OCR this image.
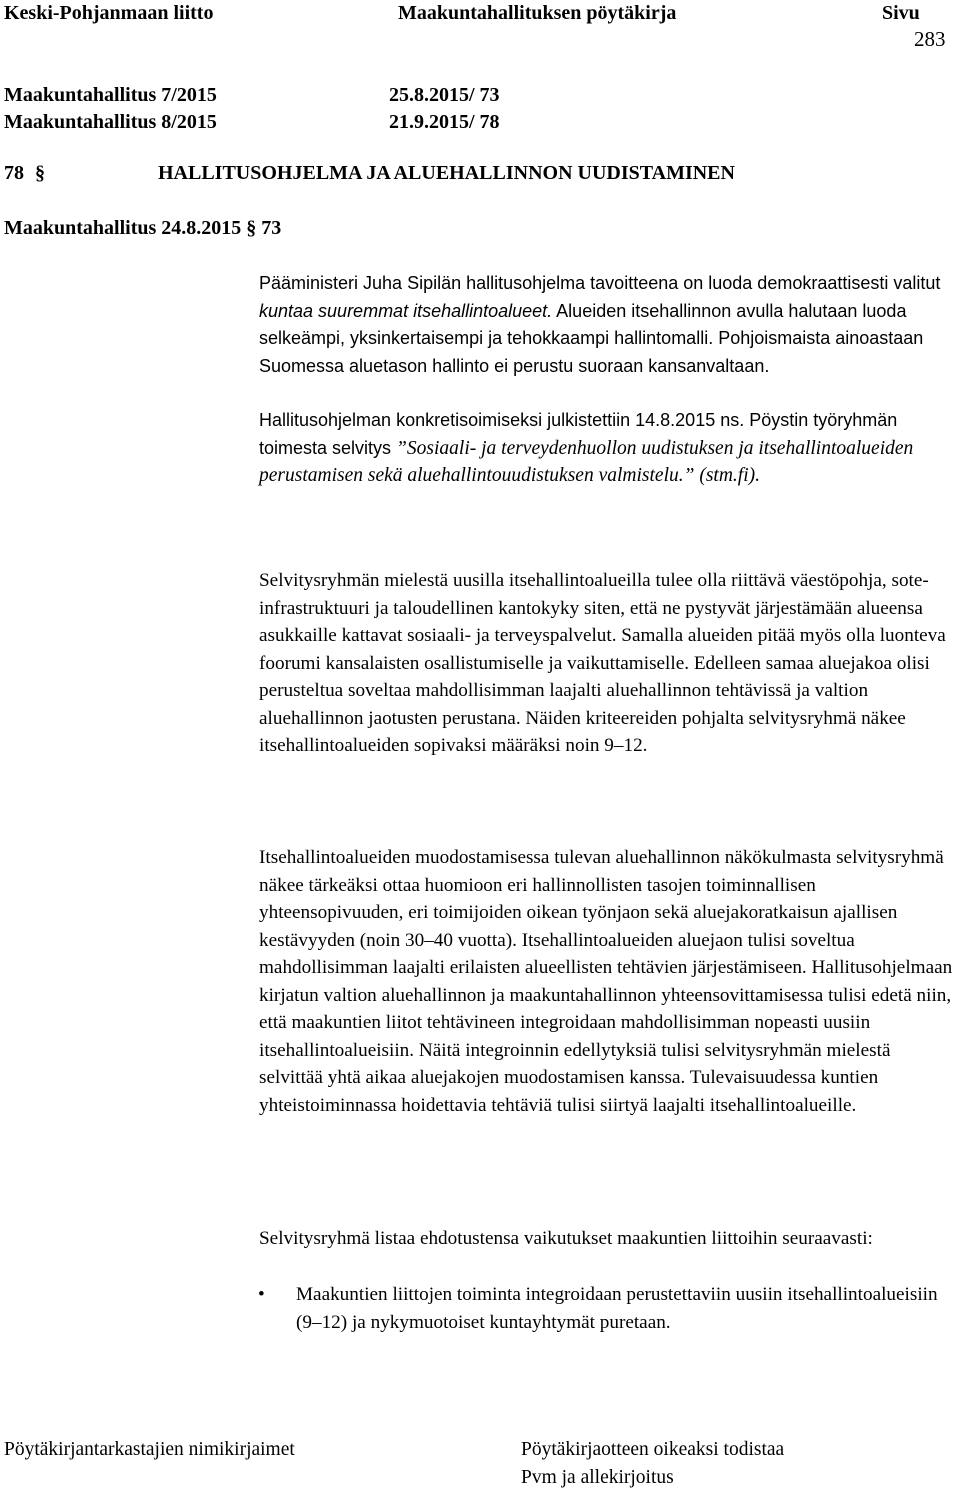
Keski-Pohjanmaan liitto	Maakuntahallituksen pöytäkirja	Sivu
283
Maakuntahallitus 7/2015	25.8.2015/ 73
Maakuntahallitus 8/2015	21.9.2015/ 78
78 §	HALLITUSOHJELMA JA ALUEHALLINNON UUDISTAMINEN
Maakuntahallitus 24.8.2015 § 73

Pääministeri Juha Sipilän hallitusohjelma tavoitteena on luoda demokraattisesti valitut kuntaa suuremmat itsehallintoalueet. Alueiden itsehallinnon avulla halutaan luoda selkeämpi, yksinkertaisempi ja tehokkaampi hallintomalli. Pohjoismaista ainoastaan Suomessa aluetason hallinto ei perustu suoraan kansanvaltaan.

Hallitusohjelman konkretisoimiseksi julkistettiin 14.8.2015 ns. Pöystin työryhmän toimesta selvitys ”Sosiaali- ja terveydenhuollon uudistuksen ja itsehallintoalueiden perustamisen sekä aluehallintouudistuksen valmistelu.” (stm.fi).

Selvitysryhmän mielestä uusilla itsehallintoalueilla tulee olla riittävä väestöpohja, sote-infrastruktuuri ja taloudellinen kantokyky siten, että ne pystyvät järjestämään alueensa asukkaille kattavat sosiaali- ja terveyspalvelut. Samalla alueiden pitää myös olla luonteva foorumi kansalaisten osallistumiselle ja vaikuttamiselle. Edelleen samaa aluejakoa olisi perusteltua soveltaa mahdollisimman laajalti aluehallinnon tehtävissä ja valtion aluehallinnon jaotusten perustana. Näiden kriteereiden pohjalta selvitysryhmä näkee itsehallintoalueiden sopivaksi määräksi noin 9–12.
Itsehallintoalueiden muodostamisessa tulevan aluehallinnon näkökulmasta selvitysryhmä näkee tärkeäksi ottaa huomioon eri hallinnollisten tasojen toiminnallisen yhteensopivuuden, eri toimijoiden oikean työnjaon sekä aluejakoratkaisun ajallisen kestävyyden (noin 30–40 vuotta). Itsehallintoalueiden aluejaon tulisi soveltua mahdollisimman laajalti erilaisten alueellisten tehtävien järjestämiseen. Hallitusohjelmaan kirjatun valtion aluehallinnon ja maakuntahallinnon yhteensovittamisessa tulisi edetä niin, että maakuntien liitot tehtävineen integroidaan mahdollisimman nopeasti uusiin itsehallintoalueisiin. Näitä integroinnin edellytyksiä tulisi selvitysryhmän mielestä selvittää yhtä aikaa aluejakojen muodostamisen kanssa. Tulevaisuudessa kuntien yhteistoiminnassa hoidettavia tehtäviä tulisi siirtyä laajalti itsehallintoalueille.
Selvitysryhmä listaa ehdotustensa vaikutukset maakuntien liittoihin seuraavasti:
• Maakuntien liittojen toiminta integroidaan perustettaviin uusiin itsehallintoalueisiin (9–12) ja nykymuotoiset kuntayhtymät puretaan.
Pöytäkirjantarkastajien nimikirjaimet	Pöytäkirjaotteen oikeaksi todistaa
Pvm ja allekirjoitus
